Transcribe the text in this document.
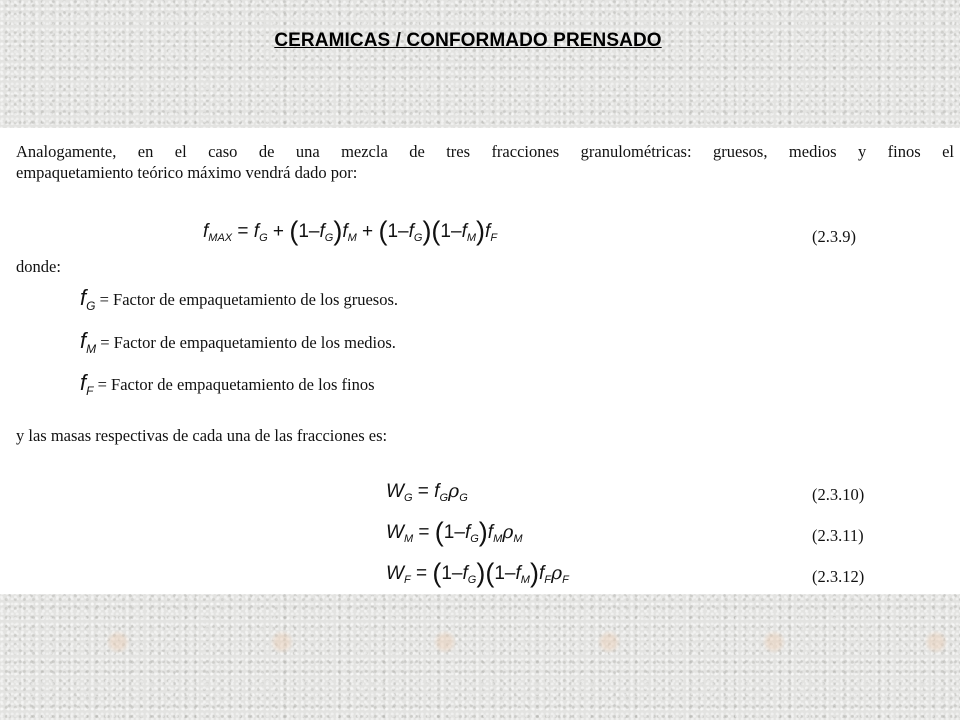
CERAMICAS / CONFORMADO PRENSADO
Analogamente, en el caso de una mezcla de tres fracciones granulométricas: gruesos, medios y finos el
empaquetamiento teórico máximo vendrá dado por:
$f_{MAX} = f_G + (1-f_G)f_M + (1-f_G)(1-f_M)f_F$	(2.3.9)
donde:
$f_G$ = Factor de empaquetamiento de los gruesos.
$f_M$ = Factor de empaquetamiento de los medios.
$f_F$ = Factor de empaquetamiento de los finos
y las masas respectivas de cada una de las fracciones es:
$W_G = f_G\rho_G$	(2.3.10)
$W_M = (1-f_G)f_M\rho_M$	(2.3.11)
$W_F = (1-f_G)(1-f_M)f_F\rho_F$	(2.3.12)
